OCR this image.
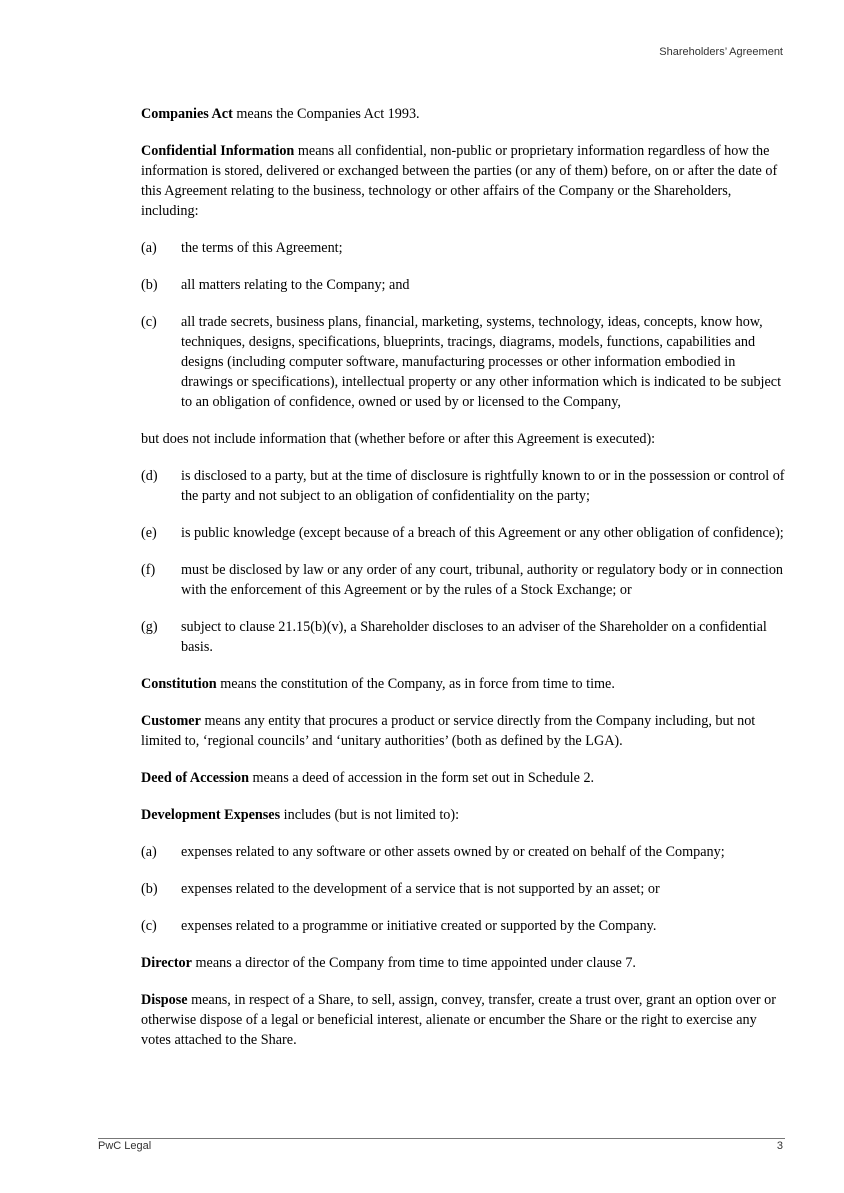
Shareholders’ Agreement

Companies Act means the Companies Act 1993.

Confidential Information means all confidential, non-public or proprietary information regardless of how the information is stored, delivered or exchanged between the parties (or any of them) before, on or after the date of this Agreement relating to the business, technology or other affairs of the Company or the Shareholders, including:

(a)	the terms of this Agreement;
(b)	all matters relating to the Company; and
(c)	all trade secrets, business plans, financial, marketing, systems, technology, ideas, concepts, know how, techniques, designs, specifications, blueprints, tracings, diagrams, models, functions, capabilities and designs (including computer software, manufacturing processes or other information embodied in drawings or specifications), intellectual property or any other information which is indicated to be subject to an obligation of confidence, owned or used by or licensed to the Company,

but does not include information that (whether before or after this Agreement is executed):

(d)	is disclosed to a party, but at the time of disclosure is rightfully known to or in the possession or control of the party and not subject to an obligation of confidentiality on the party;
(e)	is public knowledge (except because of a breach of this Agreement or any other obligation of confidence);
(f)	must be disclosed by law or any order of any court, tribunal, authority or regulatory body or in connection with the enforcement of this Agreement or by the rules of a Stock Exchange; or
(g)	subject to clause 21.15(b)(v), a Shareholder discloses to an adviser of the Shareholder on a confidential basis.

Constitution means the constitution of the Company, as in force from time to time.

Customer means any entity that procures a product or service directly from the Company including, but not limited to, ‘regional councils’ and ‘unitary authorities’ (both as defined by the LGA).

Deed of Accession means a deed of accession in the form set out in Schedule 2.

Development Expenses includes (but is not limited to):

(a)	expenses related to any software or other assets owned by or created on behalf of the Company;
(b)	expenses related to the development of a service that is not supported by an asset; or
(c)	expenses related to a programme or initiative created or supported by the Company.

Director means a director of the Company from time to time appointed under clause 7.

Dispose means, in respect of a Share, to sell, assign, convey, transfer, create a trust over, grant an option over or otherwise dispose of a legal or beneficial interest, alienate or encumber the Share or the right to exercise any votes attached to the Share.

PwC Legal	3
